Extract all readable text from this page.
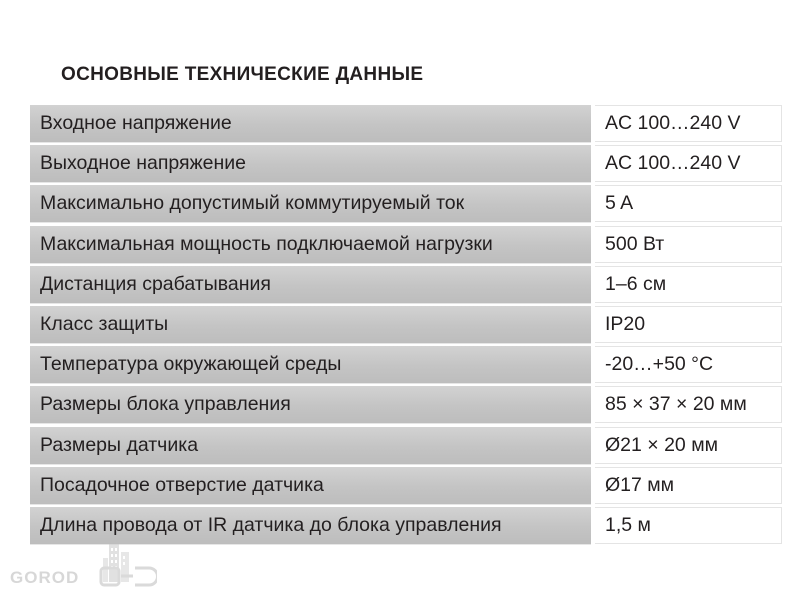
ОСНОВНЫЕ ТЕХНИЧЕСКИЕ ДАННЫЕ
Входное напряжение	AC 100…240 V
Выходное напряжение	AC 100…240 V
Максимально допустимый коммутируемый ток	5 A
Максимальная мощность подключаемой нагрузки	500 Вт
Дистанция срабатывания	1–6 см
Класс защиты	IP20
Температура окружающей среды	-20…+50 °С
Размеры блока управления	85 × 37 × 20 мм
Размеры датчика	Ø21 × 20 мм
Посадочное отверстие датчика	Ø17 мм
Длина провода от IR датчика до блока управления	1,5 м
GOROD
